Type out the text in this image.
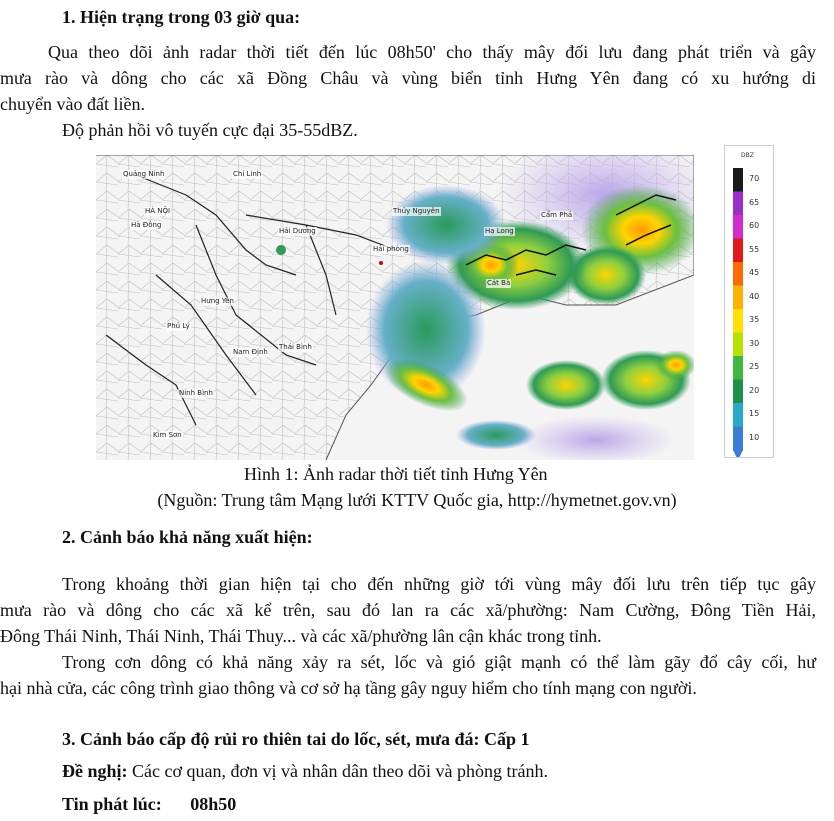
1. Hiện trạng trong 03 giờ qua:
Qua theo dõi ảnh radar thời tiết đến lúc 08h50' cho thấy mây đối lưu đang phát triển và gây
mưa rào và dông cho các xã Đồng Châu và vùng biển tỉnh Hưng Yên đang có xu hướng di
chuyển vào đất liền.
Độ phản hồi vô tuyến cực đại 35-55dBZ.
Quảng Ninh	Chí Linh
HÀ NỘI
Hà Đông
Hải Dương
Hải phòng
Thủy Nguyên
Hạ Long
Cẩm Phả
Cát Bà
Hưng Yên
Phủ Lý
Nam Định
Thái Bình
Ninh Bình
Kim Sơn
DBZ
70
65
60
55
45
40
35
30
25
20
15
10
Hình 1: Ảnh radar thời tiết tỉnh Hưng Yên
(Nguồn: Trung tâm Mạng lưới KTTV Quốc gia, http://hymetnet.gov.vn)
2. Cảnh báo khả năng xuất hiện:
Trong khoảng thời gian hiện tại cho đến những giờ tới vùng mây đối lưu trên tiếp tục gây
mưa rào và dông cho các xã kể trên, sau đó lan ra các xã/phường: Nam Cường, Đông Tiền Hải,
Đông Thái Ninh, Thái Ninh, Thái Thuy... và các xã/phường lân cận khác trong tỉnh.
Trong cơn dông có khả năng xảy ra sét, lốc và gió giật mạnh có thể làm gãy đổ cây cối, hư
hại nhà cửa, các công trình giao thông và cơ sở hạ tầng gây nguy hiểm cho tính mạng con người.
3. Cảnh báo cấp độ rủi ro thiên tai do lốc, sét, mưa đá: Cấp 1
Đề nghị: Các cơ quan, đơn vị và nhân dân theo dõi và phòng tránh.
Tin phát lúc: 08h50
